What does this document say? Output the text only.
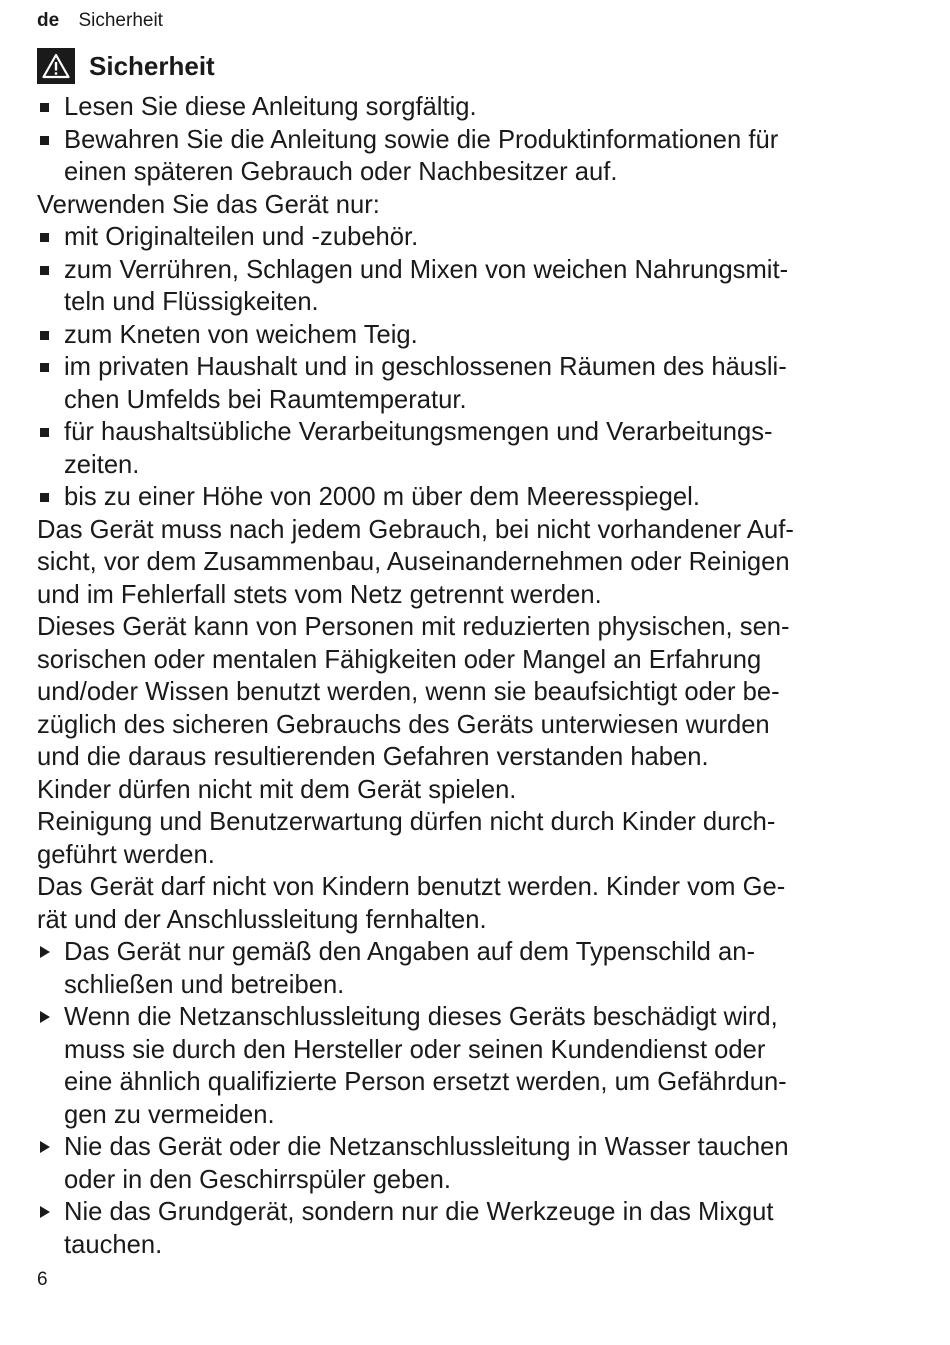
de Sicherheit
Sicherheit
Lesen Sie diese Anleitung sorgfältig.
Bewahren Sie die Anleitung sowie die Produktinformationen für
einen späteren Gebrauch oder Nachbesitzer auf.
Verwenden Sie das Gerät nur:
mit Originalteilen und -zubehör.
zum Verrühren, Schlagen und Mixen von weichen Nahrungsmit-
teln und Flüssigkeiten.
zum Kneten von weichem Teig.
im privaten Haushalt und in geschlossenen Räumen des häusli-
chen Umfelds bei Raumtemperatur.
für haushaltsübliche Verarbeitungsmengen und Verarbeitungs-
zeiten.
bis zu einer Höhe von 2000 m über dem Meeresspiegel.
Das Gerät muss nach jedem Gebrauch, bei nicht vorhandener Auf-
sicht, vor dem Zusammenbau, Auseinandernehmen oder Reinigen
und im Fehlerfall stets vom Netz getrennt werden.
Dieses Gerät kann von Personen mit reduzierten physischen, sen-
sorischen oder mentalen Fähigkeiten oder Mangel an Erfahrung
und/oder Wissen benutzt werden, wenn sie beaufsichtigt oder be-
züglich des sicheren Gebrauchs des Geräts unterwiesen wurden
und die daraus resultierenden Gefahren verstanden haben.
Kinder dürfen nicht mit dem Gerät spielen.
Reinigung und Benutzerwartung dürfen nicht durch Kinder durch-
geführt werden.
Das Gerät darf nicht von Kindern benutzt werden. Kinder vom Ge-
rät und der Anschlussleitung fernhalten.
Das Gerät nur gemäß den Angaben auf dem Typenschild an-
schließen und betreiben.
Wenn die Netzanschlussleitung dieses Geräts beschädigt wird,
muss sie durch den Hersteller oder seinen Kundendienst oder
eine ähnlich qualifizierte Person ersetzt werden, um Gefährdun-
gen zu vermeiden.
Nie das Gerät oder die Netzanschlussleitung in Wasser tauchen
oder in den Geschirrspüler geben.
Nie das Grundgerät, sondern nur die Werkzeuge in das Mixgut
tauchen.
6
